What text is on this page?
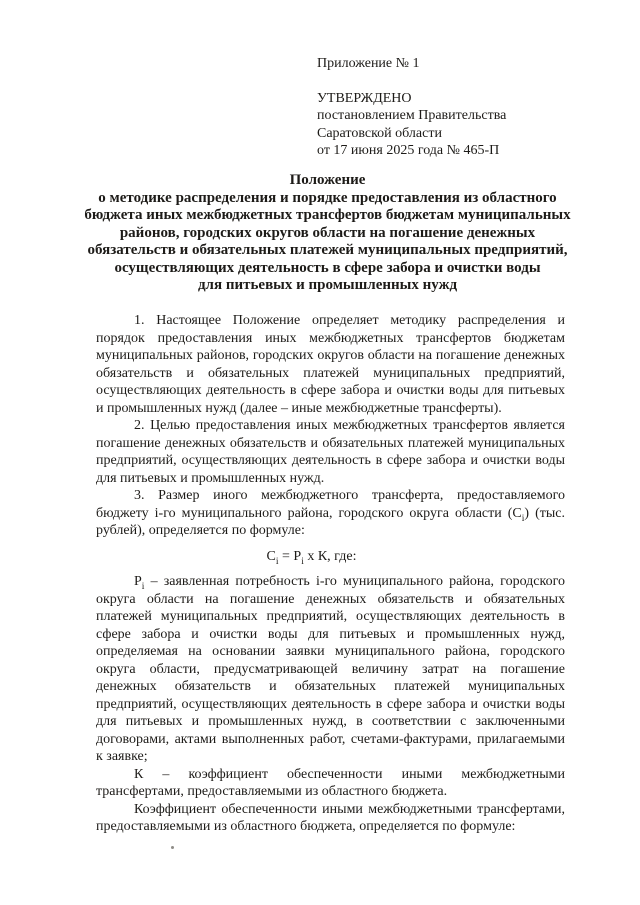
Приложение № 1
УТВЕРЖДЕНО
постановлением Правительства
Саратовской области
от 17 июня 2025 года № 465-П
Положение
о методике распределения и порядке предоставления из областного
бюджета иных межбюджетных трансфертов бюджетам муниципальных
районов, городских округов области на погашение денежных
обязательств и обязательных платежей муниципальных предприятий,
осуществляющих деятельность в сфере забора и очистки воды
для питьевых и промышленных нужд

1. Настоящее Положение определяет методику распределения и порядок предоставления иных межбюджетных трансфертов бюджетам муниципальных районов, городских округов области на погашение денежных обязательств и обязательных платежей муниципальных предприятий, осуществляющих деятельность в сфере забора и очистки воды для питьевых и промышленных нужд (далее – иные межбюджетные трансферты).

2. Целью предоставления иных межбюджетных трансфертов является погашение денежных обязательств и обязательных платежей муниципальных предприятий, осуществляющих деятельность в сфере забора и очистки воды для питьевых и промышленных нужд.

3. Размер иного межбюджетного трансферта, предоставляемого бюджету i-го муниципального района, городского округа области $(С_i)$ (тыс. рублей), определяется по формуле:

$С_i = Р_i$ х К, где:

$Р_i$ – заявленная потребность i-го муниципального района, городского округа области на погашение денежных обязательств и обязательных платежей муниципальных предприятий, осуществляющих деятельность в сфере забора и очистки воды для питьевых и промышленных нужд, определяемая на основании заявки муниципального района, городского округа области, предусматривающей величину затрат на погашение денежных обязательств и обязательных платежей муниципальных предприятий, осуществляющих деятельность в сфере забора и очистки воды для питьевых и промышленных нужд, в соответствии с заключенными договорами, актами выполненных работ, счетами-фактурами, прилагаемыми к заявке;

К – коэффициент обеспеченности иными межбюджетными трансфертами, предоставляемыми из областного бюджета.

Коэффициент обеспеченности иными межбюджетными трансфертами, предоставляемыми из областного бюджета, определяется по формуле:
